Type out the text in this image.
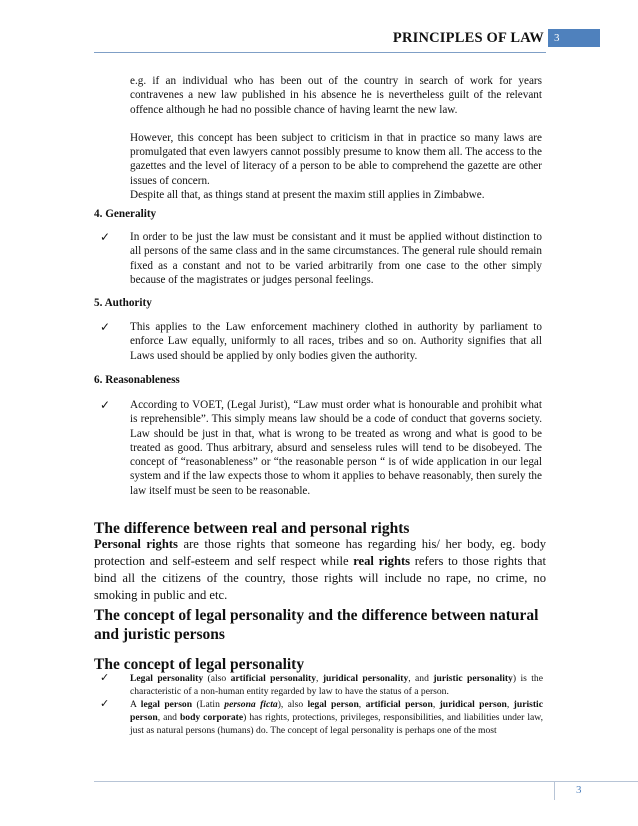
PRINCIPLES OF LAW 3

e.g. if an individual who has been out of the country in search of work for years contravenes a new law published in his absence he is nevertheless guilt of the relevant offence although he had no possible chance of having learnt the new law.

However, this concept has been subject to criticism in that in practice so many laws are promulgated that even lawyers cannot possibly presume to know them all. The access to the gazettes and the level of literacy of a person to be able to comprehend the gazette are other issues of concern.

Despite all that, as things stand at present the maxim still applies in Zimbabwe.

4. Generality
✓ In order to be just the law must be consistant and it must be applied without distinction to all persons of the same class and in the same circumstances. The general rule should remain fixed as a constant and not to be varied arbitrarily from one case to the other simply because of the magistrates or judges personal feelings.
5. Authority
✓ This applies to the Law enforcement machinery clothed in authority by parliament to enforce Law equally, uniformly to all races, tribes and so on. Authority signifies that all Laws used should be applied by only bodies given the authority.
6. Reasonableness
✓ According to VOET, (Legal Jurist), “Law must order what is honourable and prohibit what is reprehensible”. This simply means law should be a code of conduct that governs society. Law should be just in that, what is wrong to be treated as wrong and what is good to be treated as good. Thus arbitrary, absurd and senseless rules will tend to be disobeyed. The concept of “reasonableness” or “the reasonable person “ is of wide application in our legal system and if the law expects those to whom it applies to behave reasonably, then surely the law itself must be seen to be reasonable.
The difference between real and personal rights
Personal rights are those rights that someone has regarding his/ her body, eg. body protection and self-esteem and self respect while real rights refers to those rights that bind all the citizens of the country, those rights will include no rape, no crime, no smoking in public and etc.
The concept of legal personality and the difference between natural and juristic persons
The concept of legal personality
✓ Legal personality (also artificial personality, juridical personality, and juristic personality) is the characteristic of a non-human entity regarded by law to have the status of a person.
✓ A legal person (Latin persona ficta), also legal person, artificial person, juridical person, juristic person, and body corporate) has rights, protections, privileges, responsibilities, and liabilities under law, just as natural persons (humans) do. The concept of legal personality is perhaps one of the most
3
